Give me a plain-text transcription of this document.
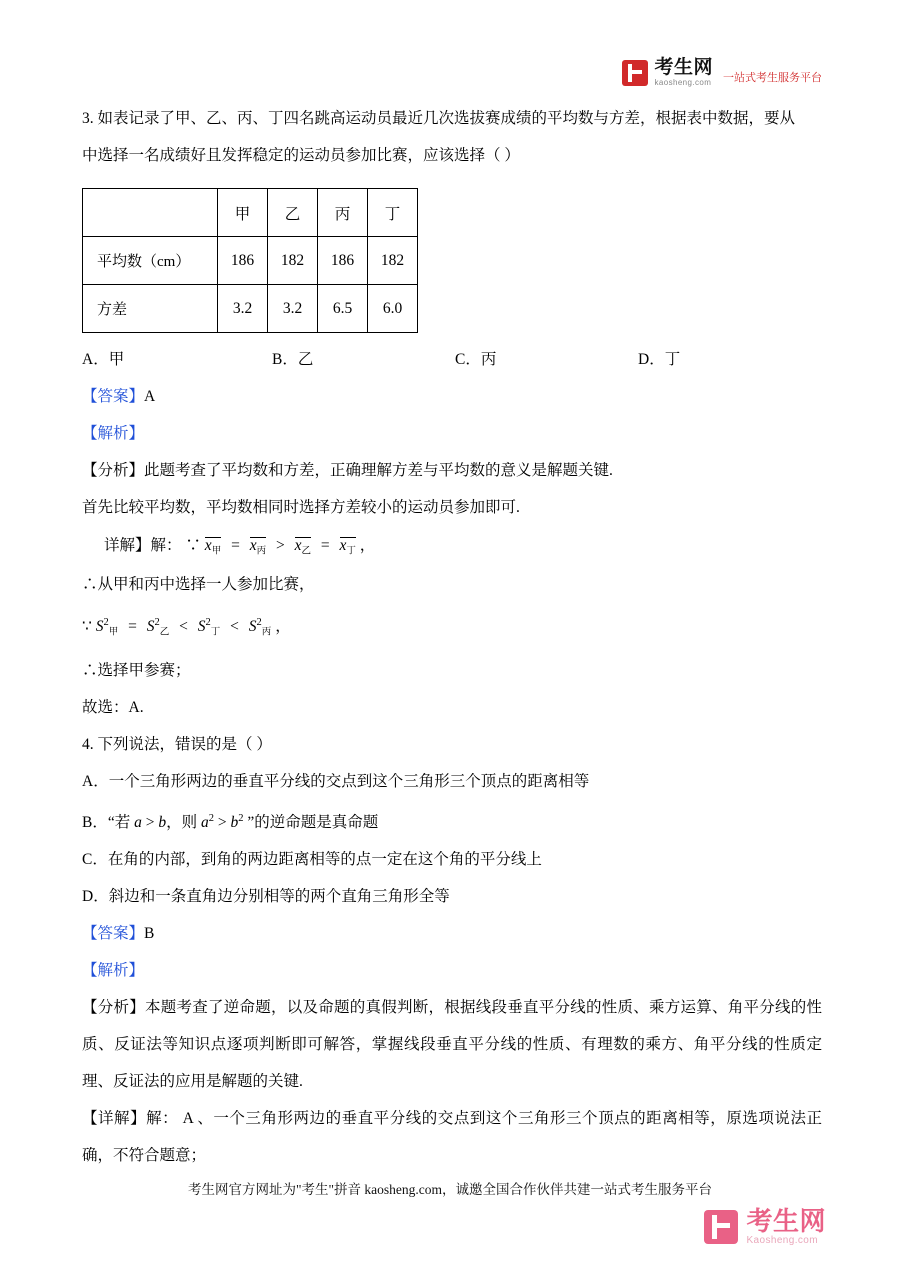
考生网
kaosheng.com 一站式考生服务平台

3. 如表记录了甲、乙、丙、丁四名跳高运动员最近几次选拔赛成绩的平均数与方差，根据表中数据，要从

中选择一名成绩好且发挥稳定的运动员参加比赛，应该选择（ ）

	甲	乙	丙	丁
平均数（cm）	186	182	186	182
方差	3.2	3.2	6.5	6.0
A．甲	B．乙	C．丙	D．丁

【答案】A

【解析】

【分析】此题考查了平均数和方差，正确理解方差与平均数的意义是解题关键.

首先比较平均数，平均数相同时选择方差较小的运动员参加即可.

详解】解： ∵ $x_甲 = x_丙 > x_乙 = x_丁$ ，

∴从甲和丙中选择一人参加比赛，

∵ $S^2_甲 = S^2_乙 < S^2_丁 < S^2_丙$ ，

∴选择甲参赛；

故选：A.

4. 下列说法，错误的是（ ）

A．一个三角形两边的垂直平分线的交点到这个三角形三个顶点的距离相等

B．“若 a > b，则 $a^2 > b^2$ ”的逆命题是真命题

C．在角的内部，到角的两边距离相等的点一定在这个角的平分线上

D．斜边和一条直角边分别相等的两个直角三角形全等

【答案】B

【解析】

【分析】本题考查了逆命题，以及命题的真假判断，根据线段垂直平分线的性质、乘方运算、角平分线的性质、反证法等知识点逐项判断即可解答，掌握线段垂直平分线的性质、有理数的乘方、角平分线的性质定理、反证法的应用是解题的关键.

【详解】解： A 、一个三角形两边的垂直平分线的交点到这个三角形三个顶点的距离相等，原选项说法正确，不符合题意；

考生网官方网址为"考生"拼音 kaosheng.com，诚邀全国合作伙伴共建一站式考生服务平台
考生网
Kaosheng.com
